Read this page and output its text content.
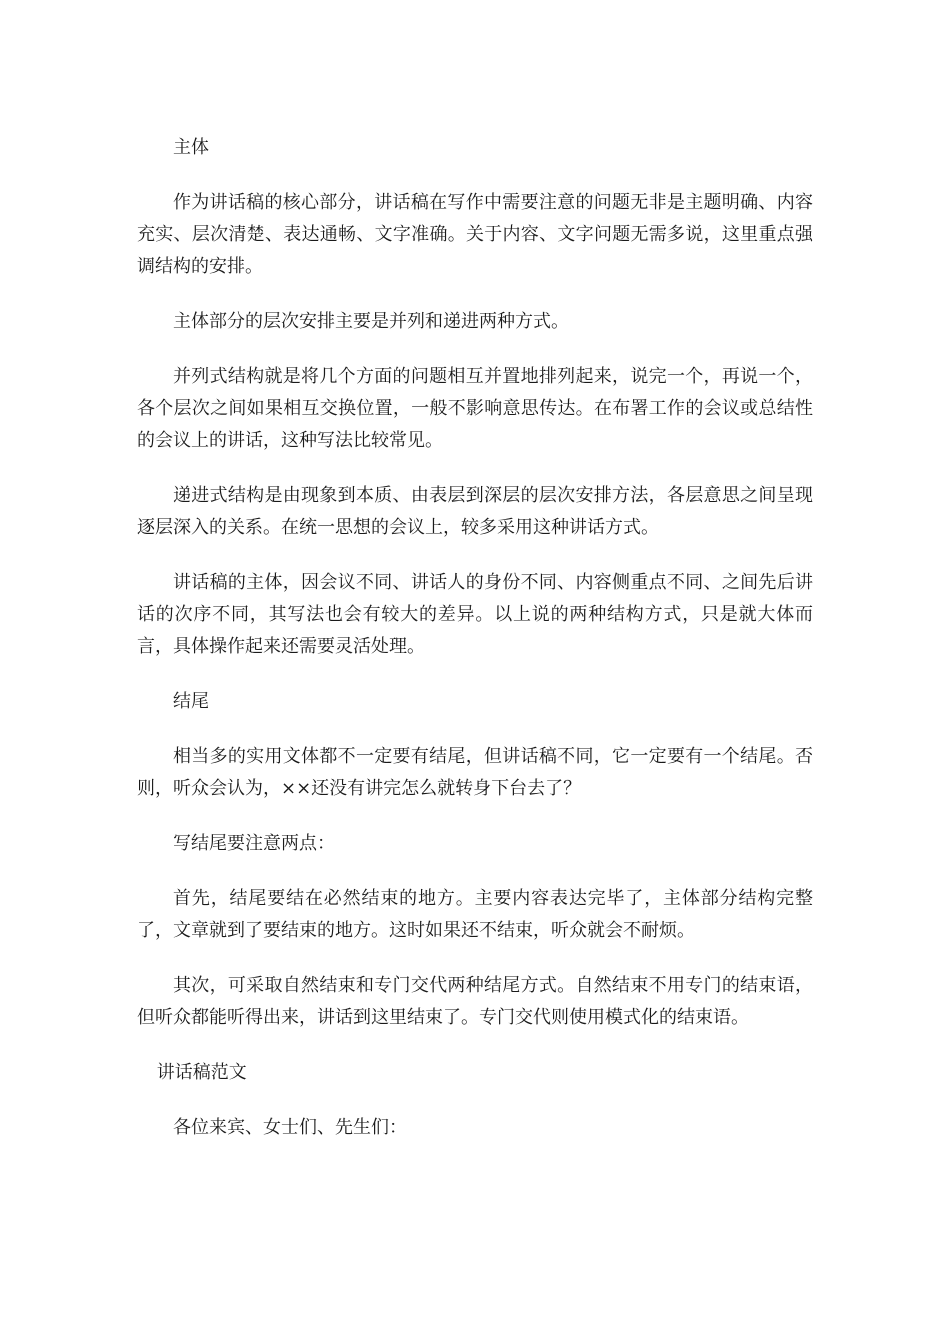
主体

作为讲话稿的核心部分，讲话稿在写作中需要注意的问题无非是主题明确、内容充实、层次清楚、表达通畅、文字准确。关于内容、文字问题无需多说，这里重点强调结构的安排。

主体部分的层次安排主要是并列和递进两种方式。

并列式结构就是将几个方面的问题相互并置地排列起来，说完一个，再说一个，各个层次之间如果相互交换位置，一般不影响意思传达。在布署工作的会议或总结性的会议上的讲话，这种写法比较常见。

递进式结构是由现象到本质、由表层到深层的层次安排方法，各层意思之间呈现逐层深入的关系。在统一思想的会议上，较多采用这种讲话方式。

讲话稿的主体，因会议不同、讲话人的身份不同、内容侧重点不同、之间先后讲话的次序不同，其写法也会有较大的差异。以上说的两种结构方式，只是就大体而言，具体操作起来还需要灵活处理。

结尾

相当多的实用文体都不一定要有结尾，但讲话稿不同，它一定要有一个结尾。否则，听众会认为，××还没有讲完怎么就转身下台去了？

写结尾要注意两点：

首先，结尾要结在必然结束的地方。主要内容表达完毕了，主体部分结构完整了，文章就到了要结束的地方。这时如果还不结束，听众就会不耐烦。

其次，可采取自然结束和专门交代两种结尾方式。自然结束不用专门的结束语，但听众都能听得出来，讲话到这里结束了。专门交代则使用模式化的结束语。

讲话稿范文

各位来宾、女士们、先生们：
